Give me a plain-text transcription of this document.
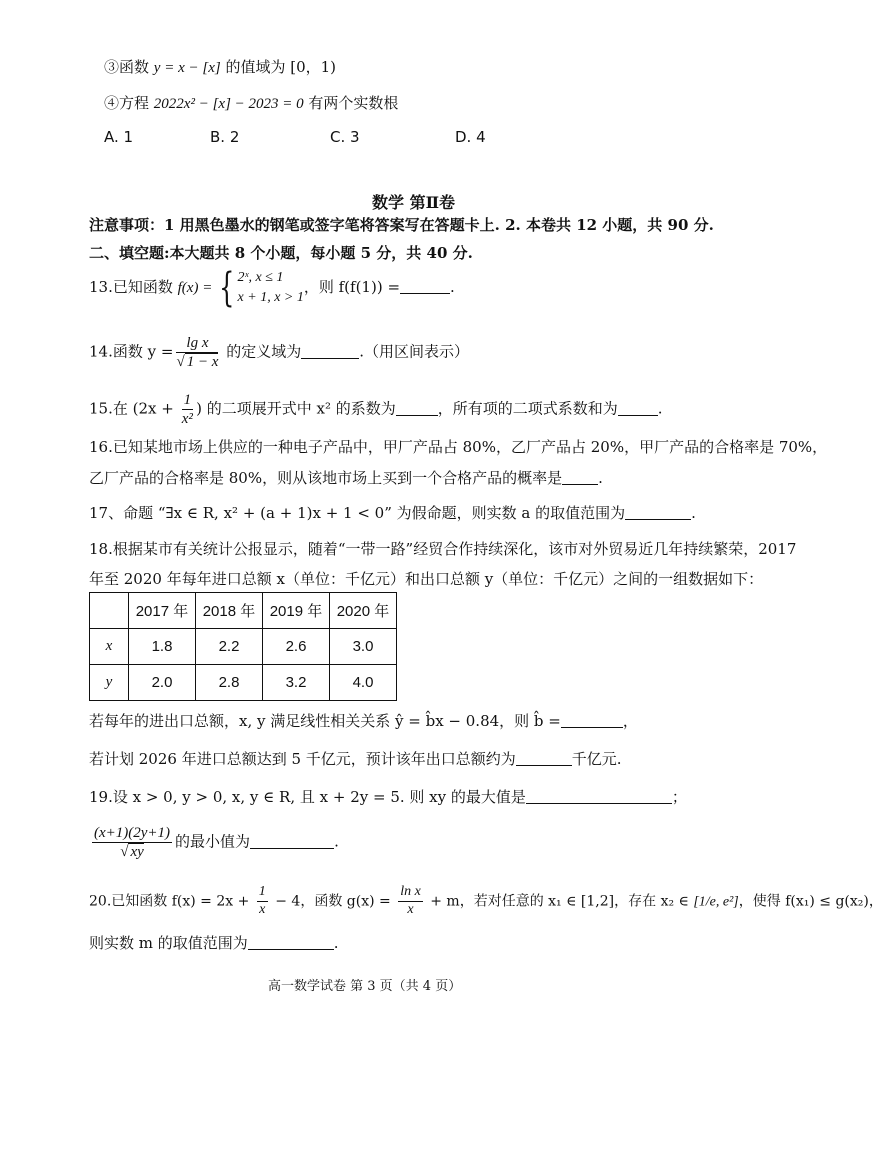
③函数 y = x − [x] 的值域为 [0，1)
④方程 2022x² − [x] − 2023 = 0 有两个实数根
A. 1	B. 2	C. 3	D. 4
数学 第Ⅱ卷
注意事项：1 用黑色墨水的钢笔或签字笔将答案写在答题卡上. 2. 本卷共 12 小题，共 90 分.
二、填空题:本大题共 8 个小题，每小题 5 分，共 40 分.
13.已知函数 f(x) = { 2ˣ, x ≤ 1
x + 1, x > 1
，则 f(f(1)) =	.
14.函数 $y = \frac{\text{lg x}}{√ 1 - x}$ 的定义域为	.（用区间表示）
15.在 ($2x + \frac{1}{\text{x²}}$ ) 的二项展开式中 x² 的系数为	，所有项的二项式系数和为	.
16.已知某地市场上供应的一种电子产品中，甲厂产品占 80%，乙厂产品占 20%，甲厂产品的合格率是 70%，
乙厂产品的合格率是 80%，则从该地市场上买到一个合格产品的概率是 .
17、命题 “∃x ∈ R, x² + (a + 1)x + 1 < 0” 为假命题，则实数 a 的取值范围为	.
18.根据某市有关统计公报显示，随着“一带一路”经贸合作持续深化，该市对外贸易近几年持续繁荣，2017
年至 2020 年每年进口总额 x（单位：千亿元）和出口总额 y（单位：千亿元）之间的一组数据如下：
	2017 年	2018 年	2019 年	2020 年
x	1.8	2.2	2.6	3.0
y	2.0	2.8	3.2	4.0
若每年的进出口总额，x, y 满足线性相关关系 ŷ = b̂x − 0.84，则 b̂ =	，
若计划 2026 年进口总额达到 5 千亿元，预计该年出口总额约为	千亿元.
19.设 x > 0, y > 0, x, y ∈ R, 且 x + 2y = 5. 则 xy 的最大值是	；
$\frac{(x+1)(2y+1)}{√ xy}$ 的最小值为	.
20.已知函数 $f(x) = 2x + \frac{1}{x} - 4$，函数 $g(x) = \frac{\text{ln x}}{x} + m$，若对任意的 x₁ ∈ [1,2]，存在 x₂ ∈ [1/e, e²]，使得 f(x₁) ≤ g(x₂)，
则实数 m 的取值范围为	.
高一数学试卷 第 3 页（共 4 页）
